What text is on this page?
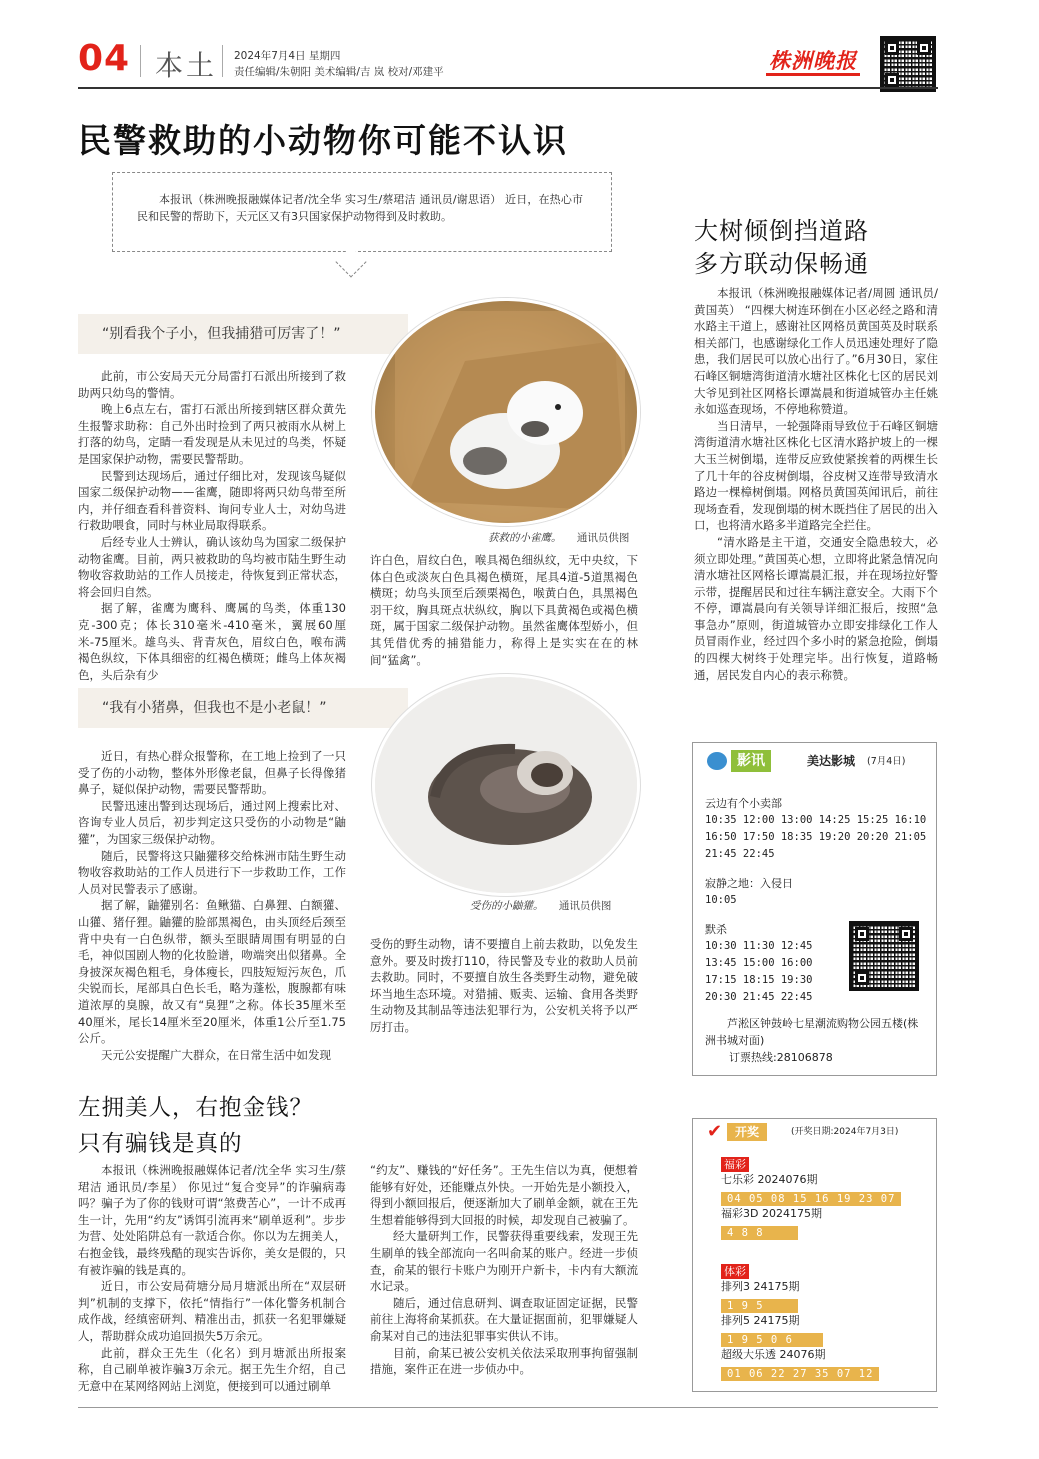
04 本土 2024年7月4日 星期四
责任编辑/朱朝阳 美术编辑/吉 岚 校对/邓建平	株洲晚报
民警救助的小动物你可能不认识

本报讯（株洲晚报融媒体记者/沈全华 实习生/蔡珺洁 通讯员/谢思语） 近日，在热心市民和民警的帮助下，天元区又有3只国家保护动物得到及时救助。

“别看我个子小，但我捕猎可厉害了！”
获救的小雀鹰。 通讯员供图

此前，市公安局天元分局雷打石派出所接到了救助两只幼鸟的警情。

晚上6点左右，雷打石派出所接到辖区群众黄先生报警求助称：自己外出时捡到了两只被雨水从树上打落的幼鸟，定睛一看发现是从未见过的鸟类，怀疑是国家保护动物，需要民警帮助。

民警到达现场后，通过仔细比对，发现该鸟疑似国家二级保护动物——雀鹰，随即将两只幼鸟带至所内，并仔细查看科普资料、询问专业人士，对幼鸟进行救助喂食，同时与林业局取得联系。

后经专业人士辨认，确认该幼鸟为国家二级保护动物雀鹰。目前，两只被救助的鸟均被市陆生野生动物收容救助站的工作人员接走，待恢复到正常状态，将会回归自然。

据了解，雀鹰为鹰科、鹰属的鸟类，体重130克-300克；体长310毫米-410毫米，翼展60厘米-75厘米。雄鸟头、背青灰色，眉纹白色，喉布满褐色纵纹，下体具细密的红褐色横斑；雌鸟上体灰褐色，头后杂有少

许白色，眉纹白色，喉具褐色细纵纹，无中央纹，下体白色或淡灰白色具褐色横斑，尾具4道-5道黑褐色横斑；幼鸟头顶至后颈栗褐色，喉黄白色，具黑褐色羽干纹，胸具斑点状纵纹，胸以下具黄褐色或褐色横斑，属于国家二级保护动物。虽然雀鹰体型娇小，但其凭借优秀的捕猎能力，称得上是实实在在的林间“猛禽”。

“我有小猪鼻，但我也不是小老鼠！”
受伤的小鼬獾。 通讯员供图

近日，有热心群众报警称，在工地上捡到了一只受了伤的小动物，整体外形像老鼠，但鼻子长得像猪鼻子，疑似保护动物，需要民警帮助。

民警迅速出警到达现场后，通过网上搜索比对、咨询专业人员后，初步判定这只受伤的小动物是“鼬獾”，为国家三级保护动物。

随后，民警将这只鼬獾移交给株洲市陆生野生动物收容救助站的工作人员进行下一步救助工作，工作人员对民警表示了感谢。

据了解，鼬獾别名：鱼鳅猫、白鼻狸、白额獾、山獾、猪仔狸。鼬獾的脸部黑褐色，由头顶经后颈至背中央有一白色纵带，额头至眼睛周围有明显的白毛，神似国剧人物的化妆脸谱，吻端突出似猪鼻。全身披深灰褐色粗毛，身体瘦长，四肢短短污灰色，爪尖锐而长，尾部具白色长毛，略为蓬松，腹腺都有味道浓厚的臭腺，故又有“臭狸”之称。体长35厘米至40厘米，尾长14厘米至20厘米，体重1公斤至1.75公斤。

天元公安提醒广大群众，在日常生活中如发现

受伤的野生动物，请不要擅自上前去救助，以免发生意外。要及时拨打110，待民警及专业的救助人员前去救助。同时，不要擅自放生各类野生动物，避免破坏当地生态环境。对猎捕、贩卖、运输、食用各类野生动物及其制品等违法犯罪行为，公安机关将予以严厉打击。

大树倾倒挡道路
多方联动保畅通

本报讯（株洲晚报融媒体记者/周圆 通讯员/黄国英） “四棵大树连环倒在小区必经之路和清水路主干道上，感谢社区网格员黄国英及时联系相关部门，也感谢绿化工作人员迅速处理好了隐患，我们居民可以放心出行了。”6月30日，家住石峰区铜塘湾街道清水塘社区株化七区的居民刘大爷见到社区网格长谭嵩晨和街道城管办主任姚永如巡查现场，不停地称赞道。

当日清早，一轮强降雨导致位于石峰区铜塘湾街道清水塘社区株化七区清水路护坡上的一棵大玉兰树倒塌，连带反应致使紧挨着的两棵生长了几十年的谷皮树倒塌，谷皮树又连带导致清水路边一棵樟树倒塌。网格员黄国英闻讯后，前往现场查看，发现倒塌的树木既挡住了居民的出入口，也将清水路多半道路完全拦住。

“清水路是主干道，交通安全隐患较大，必须立即处理。”黄国英心想，立即将此紧急情况向清水塘社区网格长谭嵩晨汇报，并在现场拉好警示带，提醒居民和过往车辆注意安全。大雨下个不停，谭嵩晨向有关领导详细汇报后，按照“急事急办”原则，街道城管办立即安排绿化工作人员冒雨作业，经过四个多小时的紧急抢险，倒塌的四棵大树终于处理完毕。出行恢复，道路畅通，居民发自内心的表示称赞。

影讯	美达影城 (7月4日)
云边有个小卖部
10:35 12:00 13:00 14:25 15:25 16:10
16:50 17:50 18:35 19:20 20:20 21:05
21:45 22:45
寂静之地：入侵日
10:05
默杀
10:30 11:30 12:45
13:45 15:00 16:00
17:15 18:15 19:30
20:30 21:45 22:45
芦淞区钟鼓岭七星潮流购物公园五楼(株洲书城对面)
订票热线:28106878
左拥美人，右抱金钱？
只有骗钱是真的

本报讯（株洲晚报融媒体记者/沈全华 实习生/蔡珺洁 通讯员/李星） 你见过“复合变异”的诈骗病毒吗？骗子为了你的钱财可谓“煞费苦心”，一计不成再生一计，先用“约友”诱饵引流再来“刷单返利”。步步为营、处处陷阱总有一款适合你。你以为左拥美人，右抱金钱，最终残酷的现实告诉你，美女是假的，只有被诈骗的钱是真的。

近日，市公安局荷塘分局月塘派出所在“双层研判”机制的支撑下，依托“情指行”一体化警务机制合成作战，经缜密研判、精准出击，抓获一名犯罪嫌疑人，帮助群众成功追回损失5万余元。

此前，群众王先生（化名）到月塘派出所报案称，自己刷单被诈骗3万余元。据王先生介绍，自己无意中在某网络网站上浏览，便接到可以通过刷单

“约友”、赚钱的“好任务”。王先生信以为真，便想着能够有好处，还能赚点外快。一开始先是小额投入，得到小额回报后，便逐渐加大了刷单金额，就在王先生想着能够得到大回报的时候，却发现自己被骗了。

经大量研判工作，民警获得重要线索，发现王先生刷单的钱全部流向一名叫俞某的账户。经进一步侦查，俞某的银行卡账户为刚开户新卡，卡内有大额流水记录。

随后，通过信息研判、调查取证固定证据，民警前往上海将俞某抓获。在大量证据面前，犯罪嫌疑人俞某对自己的违法犯罪事实供认不讳。

目前，俞某已被公安机关依法采取刑事拘留强制措施，案件正在进一步侦办中。

✔	开奖	(开奖日期:2024年7月3日)
福彩
七乐彩 2024076期
04 05 08 15 16 19 23 07
福彩3D 2024175期
4 8 8
体彩
排列3 24175期
1 9 5
排列5 24175期
1 9 5 0 6
超级大乐透 24076期
01 06 22 27 35 07 12
